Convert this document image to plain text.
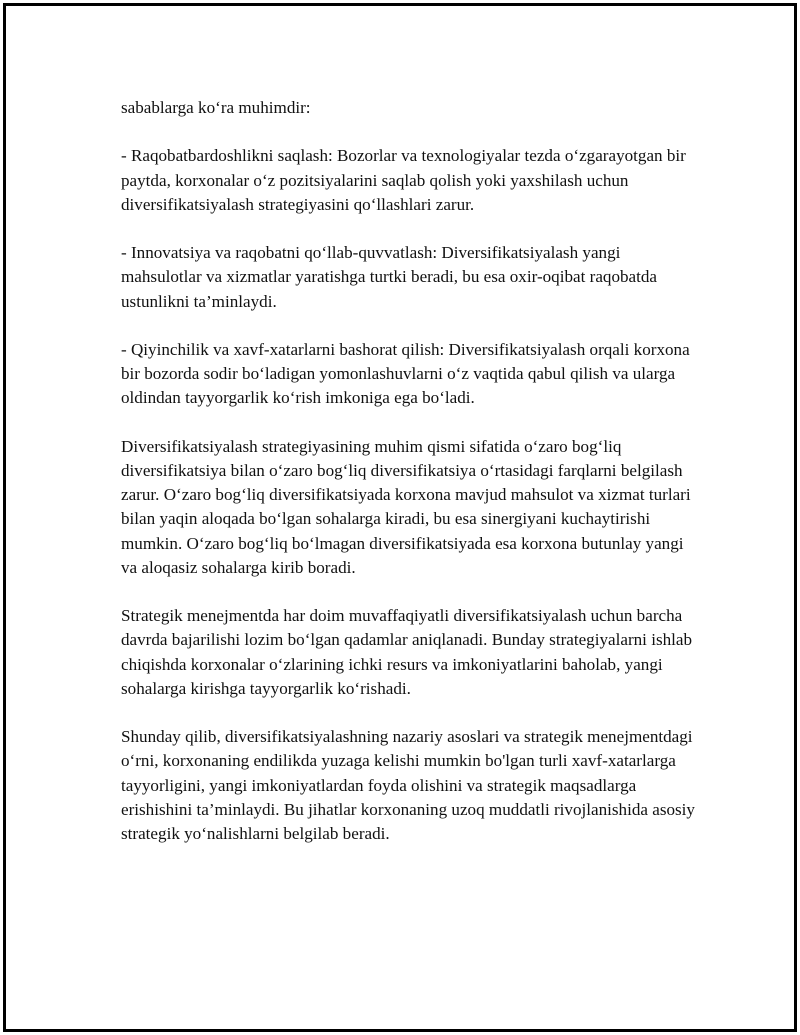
sabablarga ko‘ra muhimdir:

- Raqobatbardoshlikni saqlash: Bozorlar va texnologiyalar tezda o‘zgarayotgan bir paytda, korxonalar o‘z pozitsiyalarini saqlab qolish yoki yaxshilash uchun diversifikatsiyalash strategiyasini qo‘llashlari zarur.

- Innovatsiya va raqobatni qo‘llab-quvvatlash: Diversifikatsiyalash yangi mahsulotlar va xizmatlar yaratishga turtki beradi, bu esa oxir-oqibat raqobatda ustunlikni ta’minlaydi.

- Qiyinchilik va xavf-xatarlarni bashorat qilish: Diversifikatsiyalash orqali korxona bir bozorda sodir bo‘ladigan yomonlashuvlarni o‘z vaqtida qabul qilish va ularga oldindan tayyorgarlik ko‘rish imkoniga ega bo‘ladi.

Diversifikatsiyalash strategiyasining muhim qismi sifatida o‘zaro bog‘liq diversifikatsiya bilan o‘zaro bog‘liq diversifikatsiya o‘rtasidagi farqlarni belgilash zarur. O‘zaro bog‘liq diversifikatsiyada korxona mavjud mahsulot va xizmat turlari bilan yaqin aloqada bo‘lgan sohalarga kiradi, bu esa sinergiyani kuchaytirishi mumkin. O‘zaro bog‘liq bo‘lmagan diversifikatsiyada esa korxona butunlay yangi va aloqasiz sohalarga kirib boradi.

Strategik menejmentda har doim muvaffaqiyatli diversifikatsiyalash uchun barcha davrda bajarilishi lozim bo‘lgan qadamlar aniqlanadi. Bunday strategiyalarni ishlab chiqishda korxonalar o‘zlarining ichki resurs va imkoniyatlarini baholab, yangi sohalarga kirishga tayyorgarlik ko‘rishadi.

Shunday qilib, diversifikatsiyalashning nazariy asoslari va strategik menejmentdagi o‘rni, korxonaning endilikda yuzaga kelishi mumkin bo'lgan turli xavf-xatarlarga tayyorligini, yangi imkoniyatlardan foyda olishini va strategik maqsadlarga erishishini ta’minlaydi. Bu jihatlar korxonaning uzoq muddatli rivojlanishida asosiy strategik yo‘nalishlarni belgilab beradi.
